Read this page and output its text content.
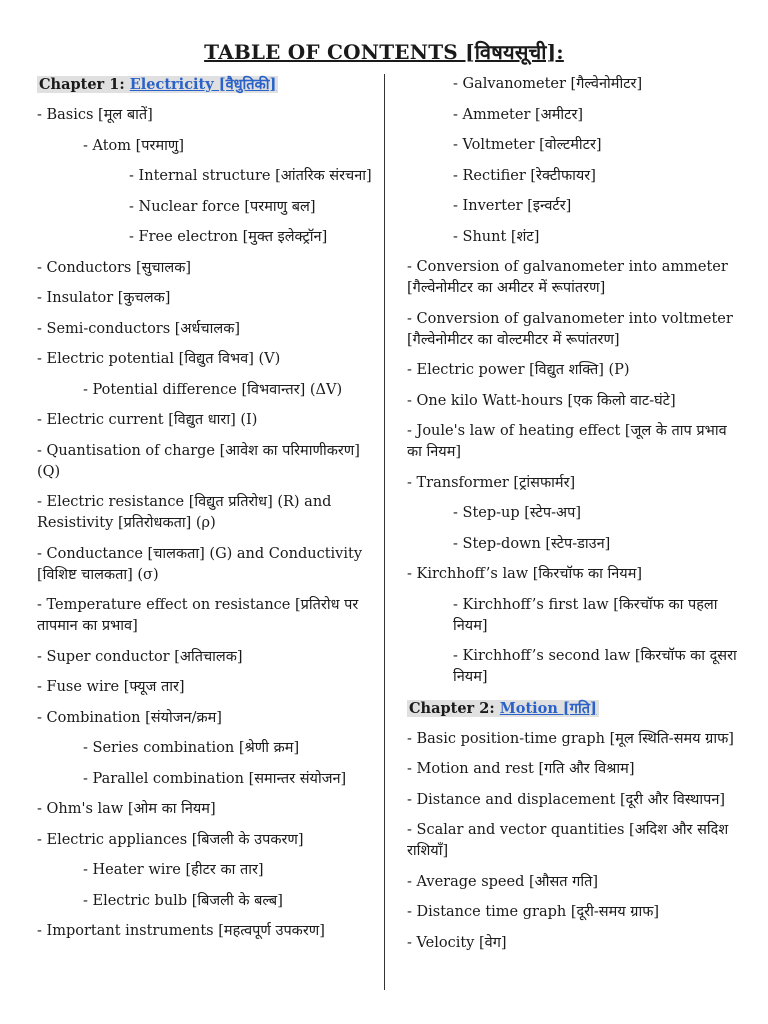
TABLE OF CONTENTS [विषयसूची]:
Chapter 1: Electricity [वैधुतिकी]
- Basics [मूल बातें]
- Atom [परमाणु]
- Internal structure [आंतरिक संरचना]
- Nuclear force [परमाणु बल]
- Free electron [मुक्त इलेक्ट्रॉन]
- Conductors [सुचालक]
- Insulator [कुचलक]
- Semi-conductors [अर्धचालक]
- Electric potential [विद्युत विभव] (V)
- Potential difference [विभवान्तर] (ΔV)
- Electric current [विद्युत धारा] (I)
- Quantisation of charge [आवेश का परिमाणीकरण] (Q)
- Electric resistance [विद्युत प्रतिरोध] (R) and Resistivity [प्रतिरोधकता] (ρ)
- Conductance [चालकता] (G) and Conductivity [विशिष्ट चालकता] (σ)
- Temperature effect on resistance [प्रतिरोध पर तापमान का प्रभाव]
- Super conductor [अतिचालक]
- Fuse wire [फ्यूज तार]
- Combination [संयोजन/क्रम]
- Series combination [श्रेणी क्रम]
- Parallel combination [समान्तर संयोजन]
- Ohm's law [ओम का नियम]
- Electric appliances [बिजली के उपकरण]
- Heater wire [हीटर का तार]
- Electric bulb [बिजली के बल्ब]
- Important instruments [महत्वपूर्ण उपकरण]
- Galvanometer [गैल्वेनोमीटर]
- Ammeter [अमीटर]
- Voltmeter [वोल्टमीटर]
- Rectifier [रेक्टीफायर]
- Inverter [इन्वर्टर]
- Shunt [शंट]
- Conversion of galvanometer into ammeter [गैल्वेनोमीटर का अमीटर में रूपांतरण]
- Conversion of galvanometer into voltmeter [गैल्वेनोमीटर का वोल्टमीटर में रूपांतरण]
- Electric power [विद्युत शक्ति] (P)
- One kilo Watt-hours [एक किलो वाट-घंटे]
- Joule's law of heating effect [जूल के ताप प्रभाव का नियम]
- Transformer [ट्रांसफार्मर]
- Step-up [स्टेप-अप]
- Step-down [स्टेप-डाउन]
- Kirchhoff’s law [किरचॉफ का नियम]
- Kirchhoff’s first law [किरचॉफ का पहला नियम]
- Kirchhoff’s second law [किरचॉफ का दूसरा नियम]
Chapter 2: Motion [गति]
- Basic position-time graph [मूल स्थिति-समय ग्राफ]
- Motion and rest [गति और विश्राम]
- Distance and displacement [दूरी और विस्थापन]
- Scalar and vector quantities [अदिश और सदिश राशियाँ]
- Average speed [औसत गति]
- Distance time graph [दूरी-समय ग्राफ]
- Velocity [वेग]
